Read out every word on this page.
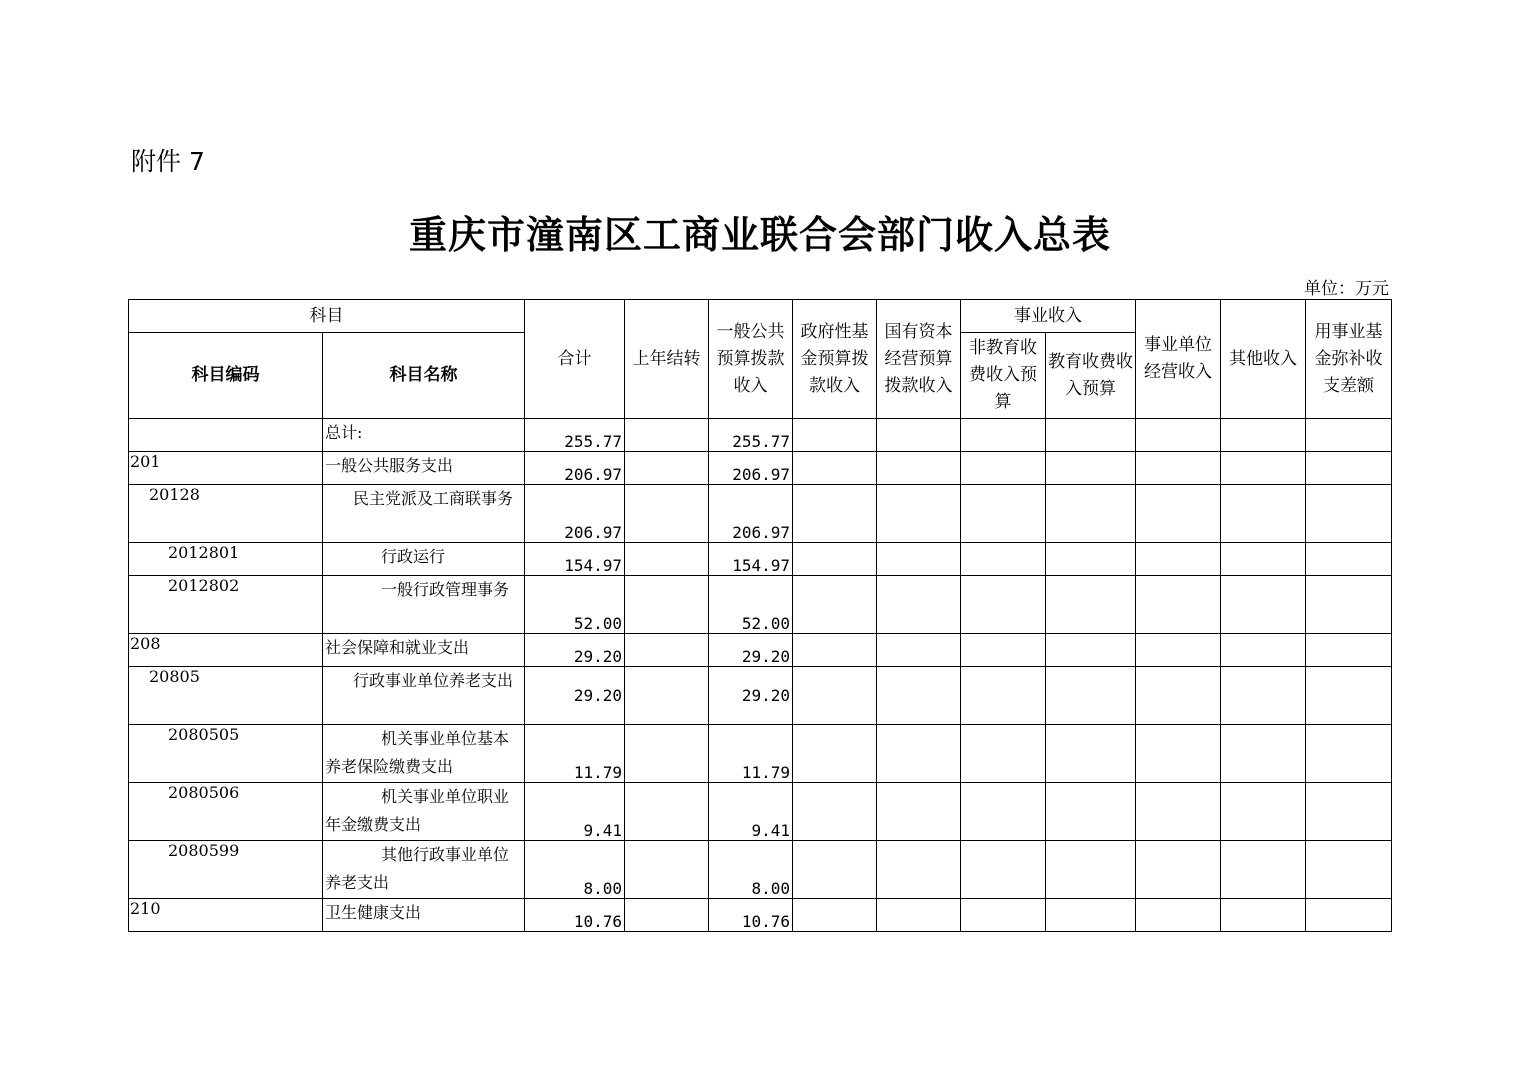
附件 7
重庆市潼南区工商业联合会部门收入总表
单位：万元
科目		合计	上年结转	一般公共预算拨款收入	政府性基金预算拨款收入	国有资本经营预算拨款收入	事业收入		事业单位经营收入	其他收入	用事业基金弥补收支差额
科目编码	科目名称						非教育收费收入预算	教育收费收入预算			
	总计:	255.77		255.77							
201	一般公共服务支出	206.97		206.97							
20128	民主党派及工商联事务	206.97		206.97							
2012801	行政运行	154.97		154.97							
2012802	一般行政管理事务	52.00		52.00							
208	社会保障和就业支出	29.20		29.20							
20805	行政事业单位养老支出	29.20		29.20							
2080505	机关事业单位基本养老保险缴费支出	11.79		11.79							
2080506	机关事业单位职业年金缴费支出	9.41		9.41							
2080599	其他行政事业单位养老支出	8.00		8.00							
210	卫生健康支出	10.76		10.76							
